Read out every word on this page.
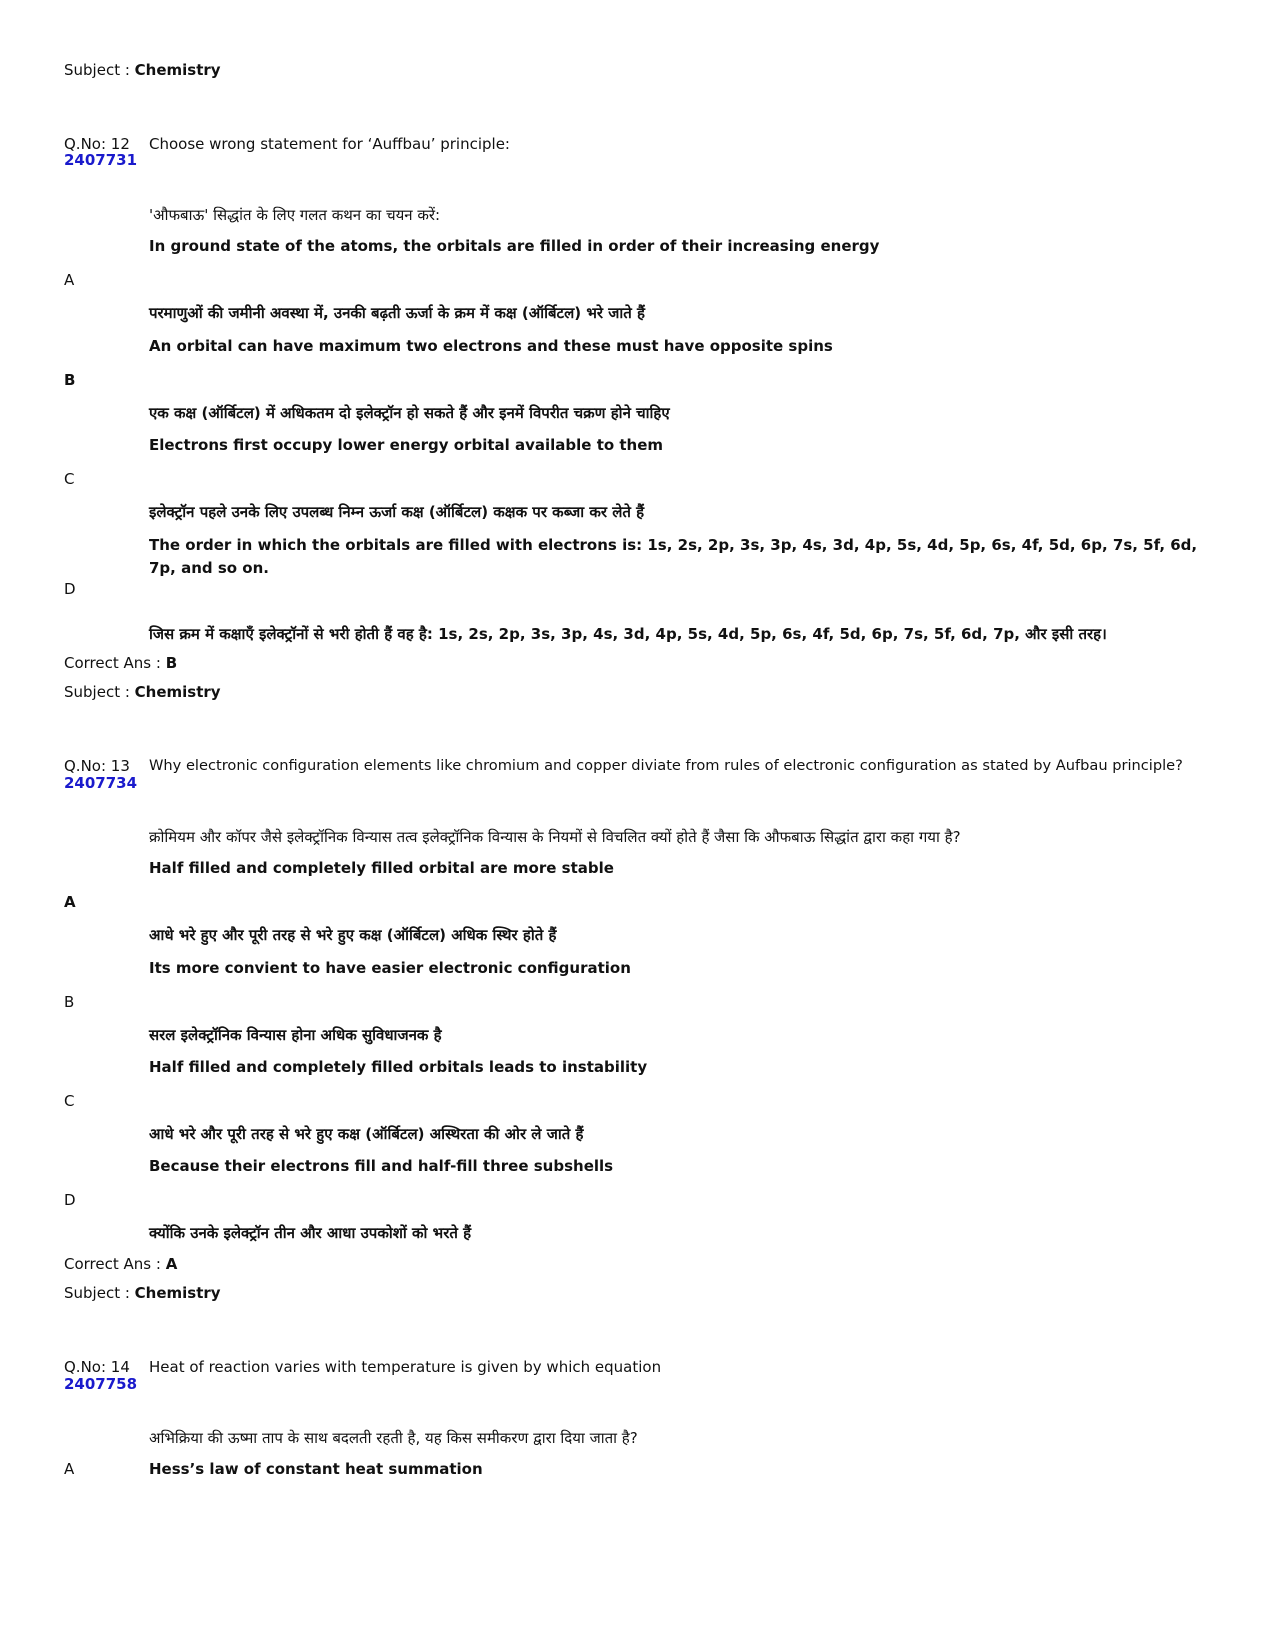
Subject : Chemistry
Q.No: 12
2407731
Choose wrong statement for ‘Auffbau’ principle:
'औफबाऊ' सिद्धांत के लिए गलत कथन का चयन करें:
In ground state of the atoms, the orbitals are filled in order of their increasing energy
A
परमाणुओं की जमीनी अवस्था में, उनकी बढ़ती ऊर्जा के क्रम में कक्ष (ऑर्बिटल) भरे जाते हैं
An orbital can have maximum two electrons and these must have opposite spins
B
एक कक्ष (ऑर्बिटल) में अधिकतम दो इलेक्ट्रॉन हो सकते हैं और इनमें विपरीत चक्रण होने चाहिए
Electrons first occupy lower energy orbital available to them
C
इलेक्ट्रॉन पहले उनके लिए उपलब्ध निम्न ऊर्जा कक्ष (ऑर्बिटल) कक्षक पर कब्जा कर लेते हैं
The order in which the orbitals are filled with electrons is: 1s, 2s, 2p, 3s, 3p, 4s, 3d, 4p, 5s, 4d, 5p, 6s, 4f, 5d, 6p, 7s, 5f, 6d, 7p, and so on.
D
जिस क्रम में कक्षाएँ इलेक्ट्रॉनों से भरी होती हैं वह है: 1s, 2s, 2p, 3s, 3p, 4s, 3d, 4p, 5s, 4d, 5p, 6s, 4f, 5d, 6p, 7s, 5f, 6d, 7p, और इसी तरह।
Correct Ans : B
Subject : Chemistry
Q.No: 13
2407734
Why electronic configuration elements like chromium and copper diviate from rules of electronic configuration as stated by Aufbau principle?
क्रोमियम और कॉपर जैसे इलेक्ट्रॉनिक विन्यास तत्व इलेक्ट्रॉनिक विन्यास के नियमों से विचलित क्यों होते हैं जैसा कि औफबाऊ सिद्धांत द्वारा कहा गया है?
Half filled and completely filled orbital are more stable
A
आधे भरे हुए और पूरी तरह से भरे हुए कक्ष (ऑर्बिटल) अधिक स्थिर होते हैं
Its more convient to have easier electronic configuration
B
सरल इलेक्ट्रॉनिक विन्यास होना अधिक सुविधाजनक है
Half filled and completely filled orbitals leads to instability
C
आधे भरे और पूरी तरह से भरे हुए कक्ष (ऑर्बिटल) अस्थिरता की ओर ले जाते हैं
Because their electrons fill and half-fill three subshells
D
क्योंकि उनके इलेक्ट्रॉन तीन और आधा उपकोशों को भरते हैं
Correct Ans : A
Subject : Chemistry
Q.No: 14
2407758
Heat of reaction varies with temperature is given by which equation
अभिक्रिया की ऊष्मा ताप के साथ बदलती रहती है, यह किस समीकरण द्वारा दिया जाता है?
A	Hess’s law of constant heat summation
